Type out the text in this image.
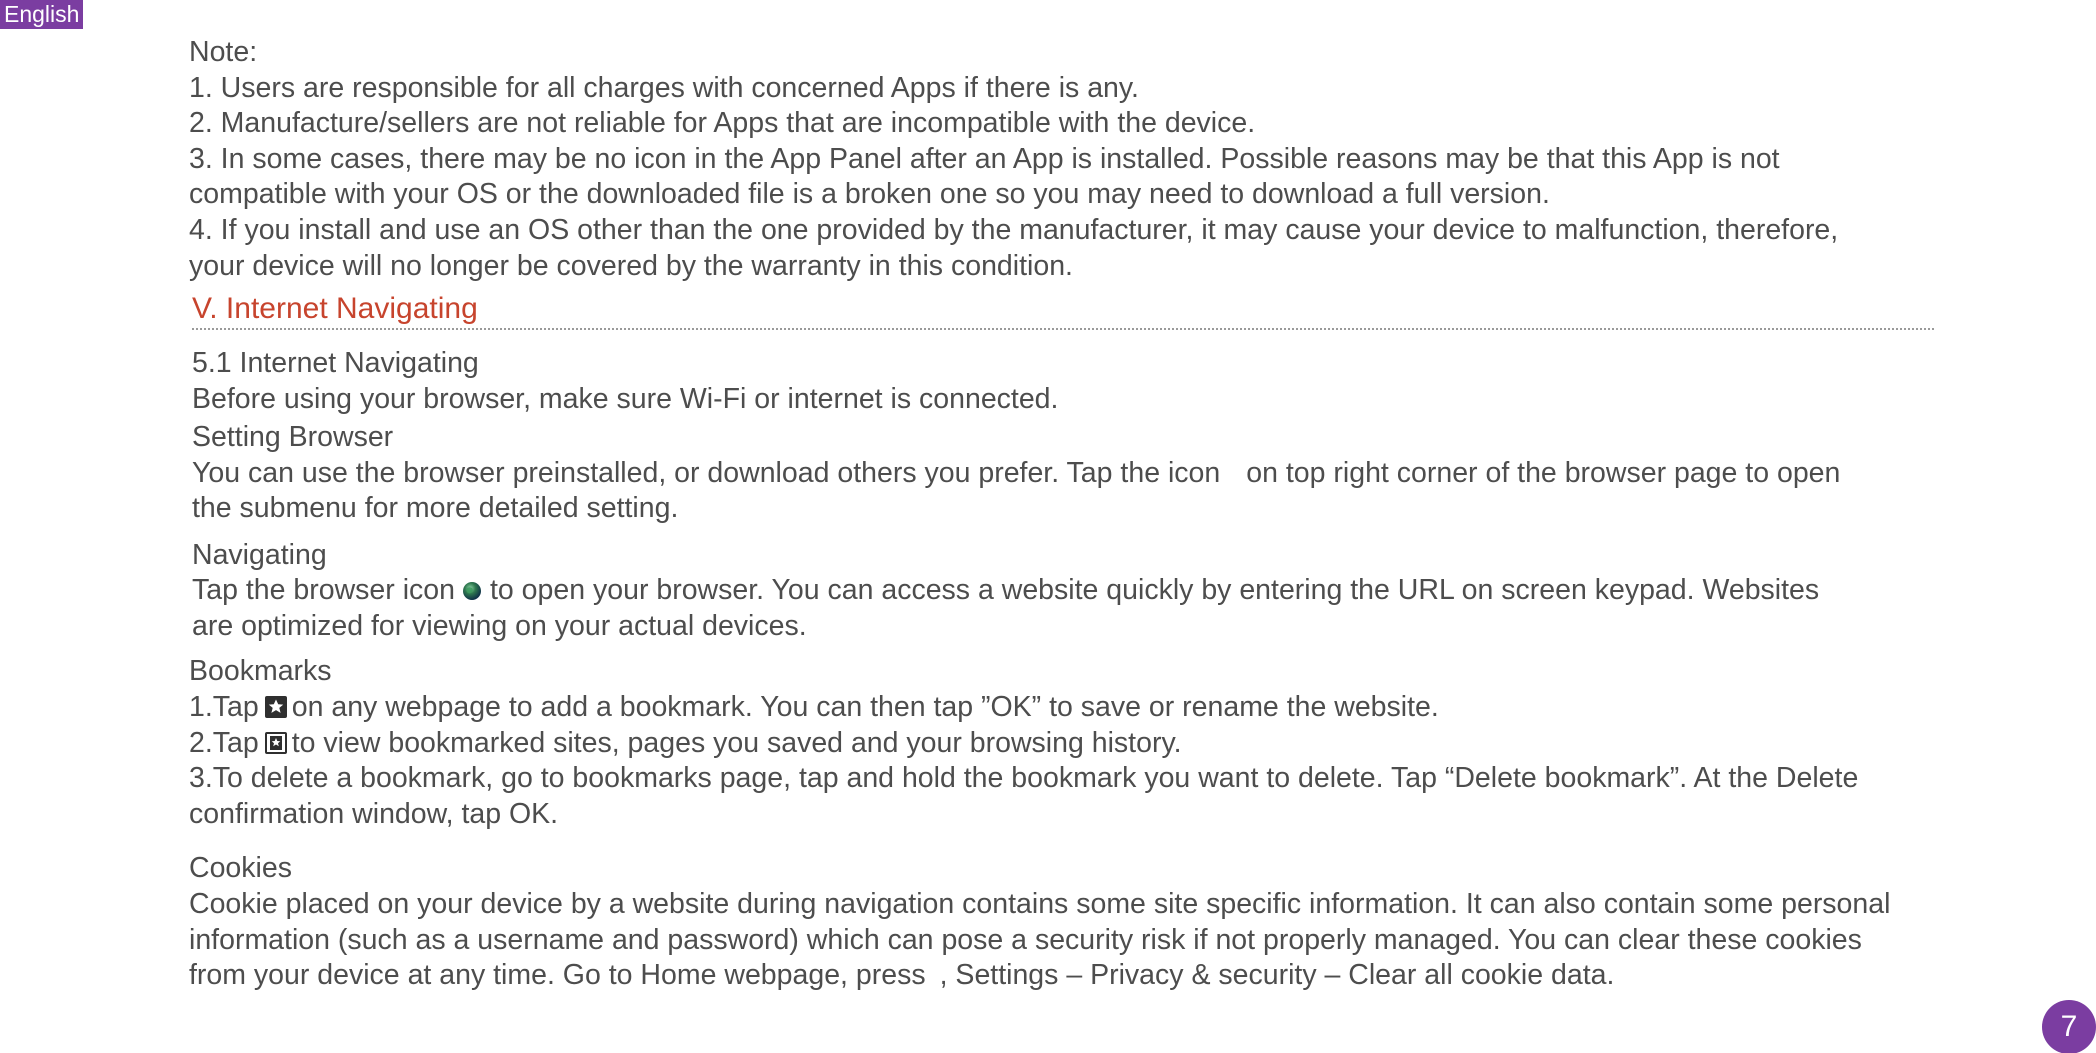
English
Note:
1. Users are responsible for all charges with concerned Apps if there is any.
2. Manufacture/sellers are not reliable for Apps that are incompatible with the device.
3. In some cases, there may be no icon in the App Panel after an App is installed. Possible reasons may be that this App is not
compatible with your OS or the downloaded file is a broken one so you may need to download a full version.
4. If you install and use an OS other than the one provided by the manufacturer, it may cause your device to malfunction, therefore,
your device will no longer be covered by the warranty in this condition.
V. Internet Navigating
5.1 Internet Navigating
Before using your browser, make sure Wi-Fi or internet is connected.
Setting Browser
You can use the browser preinstalled, or download others you prefer. Tap the icon on top right corner of the browser page to open
the submenu for more detailed setting.
Navigating
Tap the browser icon to open your browser. You can access a website quickly by entering the URL on screen keypad. Websites
are optimized for viewing on your actual devices.
Bookmarks
1.Tap on any webpage to add a bookmark. You can then tap ”OK” to save or rename the website.
2.Tap to view bookmarked sites, pages you saved and your browsing history.
3.To delete a bookmark, go to bookmarks page, tap and hold the bookmark you want to delete. Tap “Delete bookmark”. At the Delete
confirmation window, tap OK.
Cookies
Cookie placed on your device by a website during navigation contains some site specific information. It can also contain some personal
information (such as a username and password) which can pose a security risk if not properly managed. You can clear these cookies
from your device at any time. Go to Home webpage, press , Settings – Privacy & security – Clear all cookie data.
7
